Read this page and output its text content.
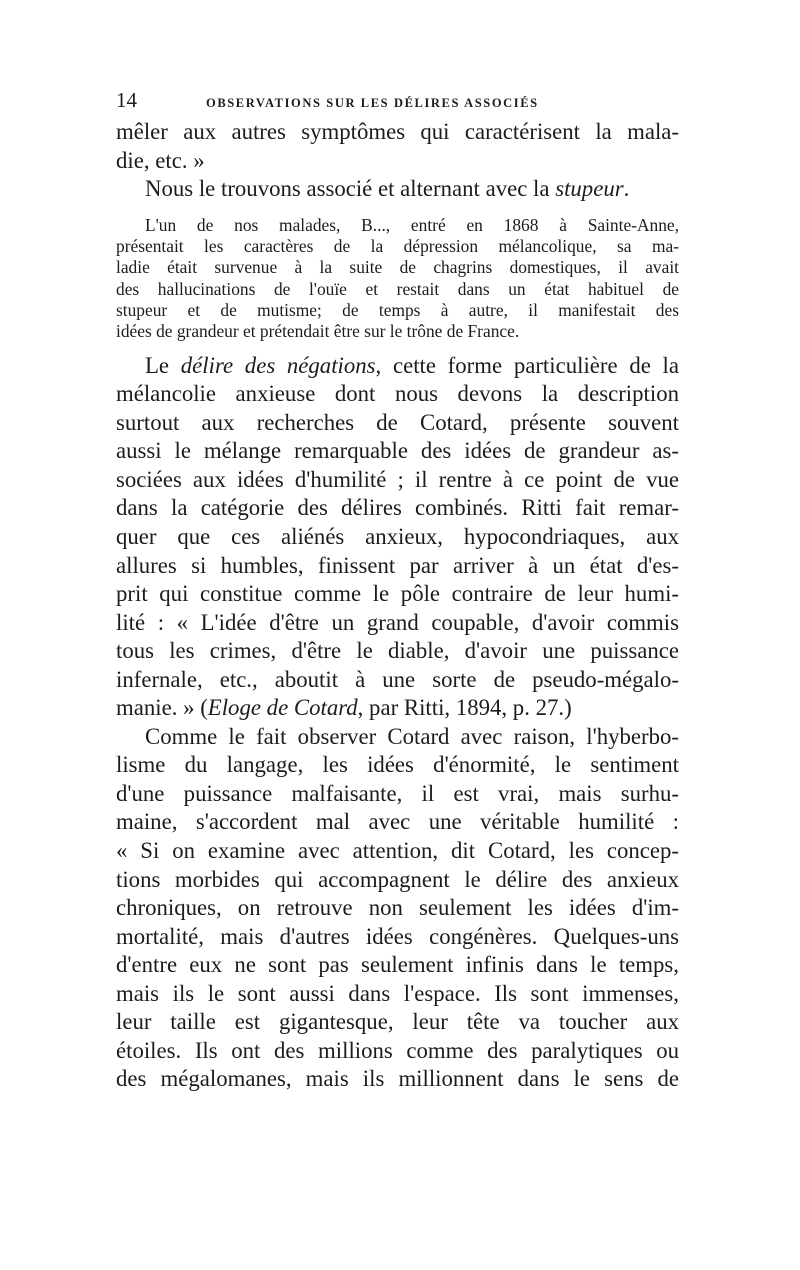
14	OBSERVATIONS SUR LES DÉLIRES ASSOCIÉS
mêler aux autres symptômes qui caractérisent la mala-
die, etc. »
Nous le trouvons associé et alternant avec la stupeur.
L'un de nos malades, B..., entré en 1868 à Sainte-Anne,
présentait les caractères de la dépression mélancolique, sa ma-
ladie était survenue à la suite de chagrins domestiques, il avait
des hallucinations de l'ouïe et restait dans un état habituel de
stupeur et de mutisme; de temps à autre, il manifestait des
idées de grandeur et prétendait être sur le trône de France.
Le délire des négations, cette forme particulière de la
mélancolie anxieuse dont nous devons la description
surtout aux recherches de Cotard, présente souvent
aussi le mélange remarquable des idées de grandeur as-
sociées aux idées d'humilité ; il rentre à ce point de vue
dans la catégorie des délires combinés. Ritti fait remar-
quer que ces aliénés anxieux, hypocondriaques, aux
allures si humbles, finissent par arriver à un état d'es-
prit qui constitue comme le pôle contraire de leur humi-
lité : « L'idée d'être un grand coupable, d'avoir commis
tous les crimes, d'être le diable, d'avoir une puissance
infernale, etc., aboutit à une sorte de pseudo-mégalo-
manie. » (Eloge de Cotard, par Ritti, 1894, p. 27.)
Comme le fait observer Cotard avec raison, l'hyberbo-
lisme du langage, les idées d'énormité, le sentiment
d'une puissance malfaisante, il est vrai, mais surhu-
maine, s'accordent mal avec une véritable humilité :
« Si on examine avec attention, dit Cotard, les concep-
tions morbides qui accompagnent le délire des anxieux
chroniques, on retrouve non seulement les idées d'im-
mortalité, mais d'autres idées congénères. Quelques-uns
d'entre eux ne sont pas seulement infinis dans le temps,
mais ils le sont aussi dans l'espace. Ils sont immenses,
leur taille est gigantesque, leur tête va toucher aux
étoiles. Ils ont des millions comme des paralytiques ou
des mégalomanes, mais ils millionnent dans le sens de
